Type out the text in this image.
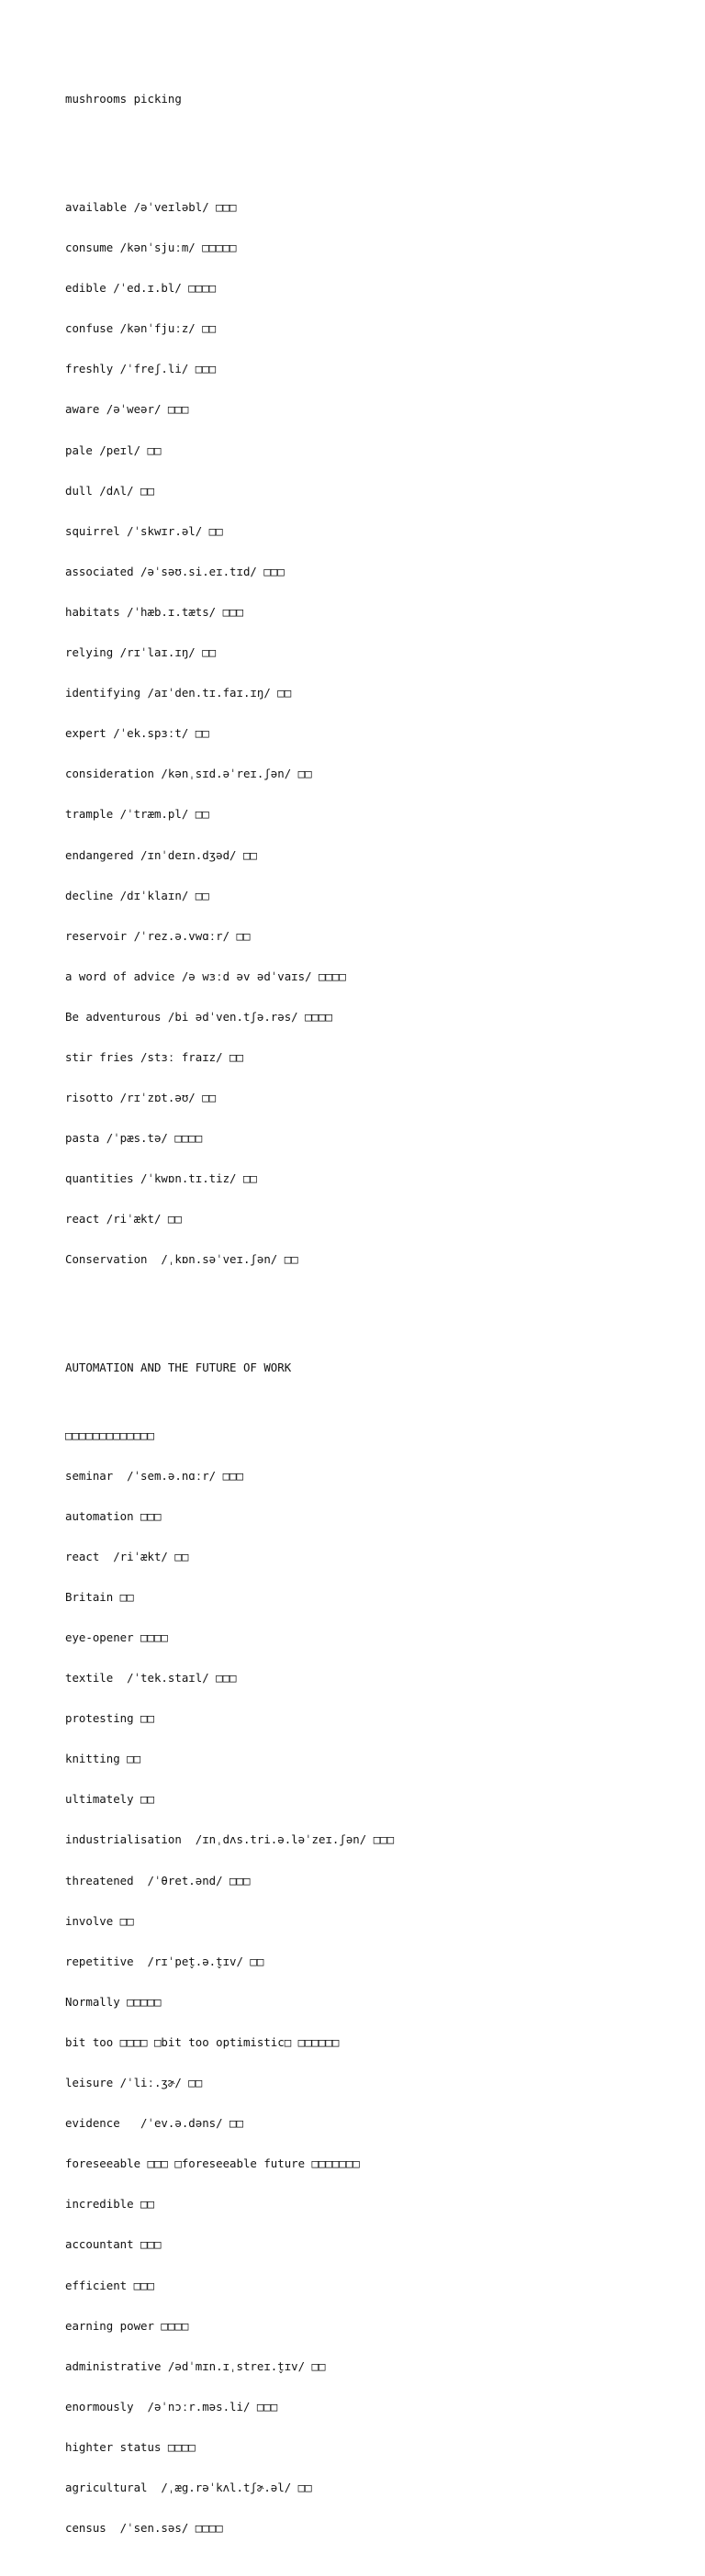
mushrooms picking

available /əˈveɪləbl/ □□□

consume /kənˈsjuːm/ □□□□□

edible /ˈed.ɪ.bl/ □□□□

confuse /kənˈfjuːz/ □□

freshly /ˈfreʃ.li/ □□□

aware /əˈweər/ □□□

pale /peɪl/ □□

dull /dʌl/ □□

squirrel /ˈskwɪr.əl/ □□

associated /əˈsəʊ.si.eɪ.tɪd/ □□□

habitats /ˈhæb.ɪ.tæts/ □□□

relying /rɪˈlaɪ.ɪŋ/ □□

identifying /aɪˈden.tɪ.faɪ.ɪŋ/ □□

expert /ˈek.spɜːt/ □□

consideration /kənˌsɪd.əˈreɪ.ʃən/ □□

trample /ˈtræm.pl/ □□

endangered /ɪnˈdeɪn.dʒəd/ □□

decline /dɪˈklaɪn/ □□

reservoir /ˈrez.ə.vwɑːr/ □□

a word of advice /ə wɜːd əv ədˈvaɪs/ □□□□

Be adventurous /bi ədˈven.tʃə.rəs/ □□□□

stir fries /stɜː fraɪz/ □□

risotto /rɪˈzɒt.əʊ/ □□

pasta /ˈpæs.tə/ □□□□

quantities /ˈkwɒn.tɪ.tiz/ □□

react /riˈækt/ □□

Conservation  /ˌkɒn.səˈveɪ.ʃən/ □□

AUTOMATION AND THE FUTURE OF WORK

□□□□□□□□□□□□□

seminar  /ˈsem.ə.nɑːr/ □□□

automation □□□

react  /riˈækt/ □□

Britain □□

eye-opener □□□□

textile  /ˈtek.staɪl/ □□□

protesting □□

knitting □□

ultimately □□

industrialisation  /ɪnˌdʌs.tri.ə.ləˈzeɪ.ʃən/ □□□

threatened  /ˈθret.ənd/ □□□

involve □□

repetitive  /rɪˈpet̬.ə.t̬ɪv/ □□

Normally □□□□□

bit too □□□□ □bit too optimistic□ □□□□□□

leisure /ˈliː.ʒɚ/ □□

evidence   /ˈev.ə.dəns/ □□

foreseeable □□□ □foreseeable future □□□□□□□

incredible □□

accountant □□□

efficient □□□

earning power □□□□

administrative /ədˈmɪn.ɪˌstreɪ.t̬ɪv/ □□

enormously  /əˈnɔːr.məs.li/ □□□

highter status □□□□

agricultural  /ˌæg.rəˈkʌl.tʃɚ.əl/ □□

census  /ˈsen.səs/ □□□□
